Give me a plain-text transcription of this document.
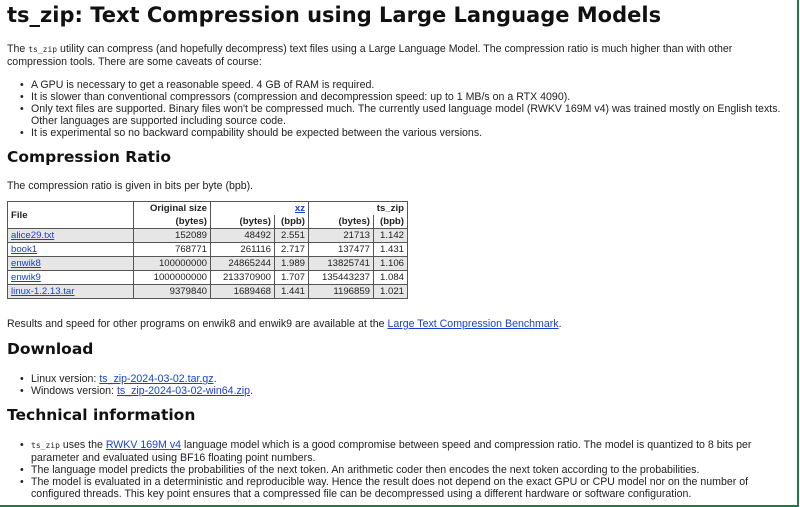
ts_zip: Text Compression using Large Language Models

The ts_zip utility can compress (and hopefully decompress) text files using a Large Language Model. The compression ratio is much higher than with other compression tools. There are some caveats of course:

• A GPU is necessary to get a reasonable speed. 4 GB of RAM is required.
• It is slower than conventional compressors (compression and decompression speed: up to 1 MB/s on a RTX 4090).
• Only text files are supported. Binary files won't be compressed much. The currently used language model (RWKV 169M v4) was trained mostly on English texts. Other languages are supported including source code.
• It is experimental so no backward compability should be expected between the various versions.
Compression Ratio

The compression ratio is given in bits per byte (bpb).

File	Original size		xz		ts_zip
	(bytes)	(bytes)	(bpb)	(bytes)	(bpb)
alice29.txt	152089	48492	2.551	21713	1.142
book1	768771	261116	2.717	137477	1.431
enwik8	100000000	24865244	1.989	13825741	1.106
enwik9	1000000000	213370900	1.707	135443237	1.084
linux-1.2.13.tar	9379840	1689468	1.441	1196859	1.021

Results and speed for other programs on enwik8 and enwik9 are available at the Large Text Compression Benchmark.

Download
• Linux version: ts_zip-2024-03-02.tar.gz.
• Windows version: ts_zip-2024-03-02-win64.zip.
Technical information
• ts_zip uses the RWKV 169M v4 language model which is a good compromise between speed and compression ratio. The model is quantized to 8 bits per parameter and evaluated using BF16 floating point numbers.
• The language model predicts the probabilities of the next token. An arithmetic coder then encodes the next token according to the probabilities.
• The model is evaluated in a deterministic and reproducible way. Hence the result does not depend on the exact GPU or CPU model nor on the number of configured threads. This key point ensures that a compressed file can be decompressed using a different hardware or software configuration.
